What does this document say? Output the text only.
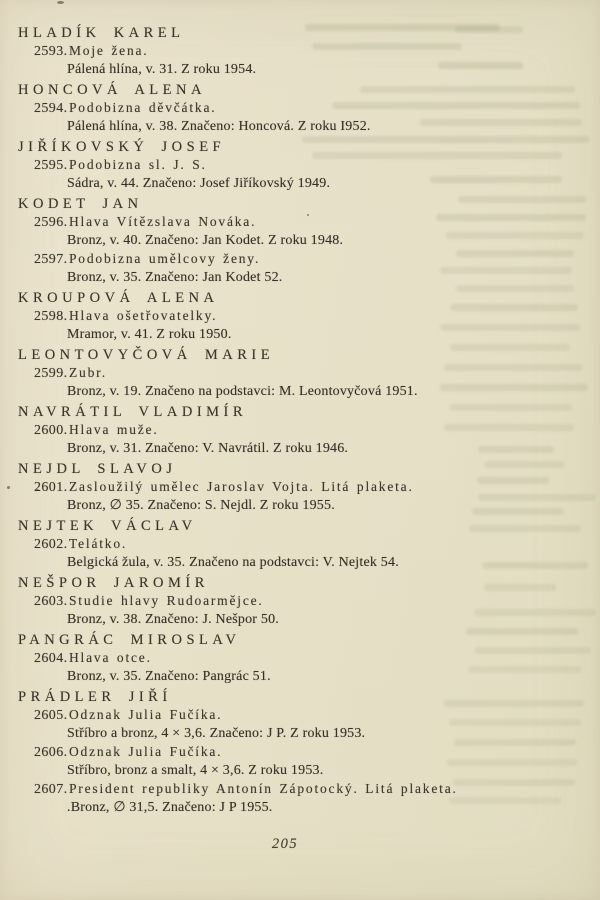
HLADÍK KAREL
2593. Moje žena.
Pálená hlína, v. 31. Z roku 1954.
HONCOVÁ ALENA
2594. Podobizna děvčátka.
Pálená hlína, v. 38. Značeno: Honcová. Z roku I952.
JIŘÍKOVSKÝ JOSEF
2595. Podobizna sl. J. S.
Sádra, v. 44. Značeno: Josef Jiříkovský 1949.
KODET JAN
2596. Hlava Vítězslava Nováka.
Bronz, v. 40. Značeno: Jan Kodet. Z roku 1948.
2597. Podobizna umělcovy ženy.
Bronz, v. 35. Značeno: Jan Kodet 52.
KROUPOVÁ ALENA
2598. Hlava ošetřovatelky.
Mramor, v. 41. Z roku 1950.
LEONTOVYČOVÁ MARIE
2599. Zubr.
Bronz, v. 19. Značeno na podstavci: M. Leontovyčová 1951.
NAVRÁTIL VLADIMÍR
2600. Hlava muže.
Bronz, v. 31. Značeno: V. Navrátil. Z roku 1946.
NEJDL SLAVOJ
2601. Zasloužilý umělec Jaroslav Vojta. Litá plaketa.
Bronz, ∅ 35. Značeno: S. Nejdl. Z roku 1955.
NEJTEK VÁCLAV
2602. Telátko.
Belgická žula, v. 35. Značeno na podstavci: V. Nejtek 54.
NEŠPOR JAROMÍR
2603. Studie hlavy Rudoarmějce.
Bronz, v. 38. Značeno: J. Nešpor 50.
PANGRÁC MIROSLAV
2604. Hlava otce.
Bronz, v. 35. Značeno: Pangrác 51.
PRÁDLER JIŘÍ
2605. Odznak Julia Fučíka.
Stříbro a bronz, 4 × 3,6. Značeno: J P. Z roku 1953.
2606. Odznak Julia Fučíka.
Stříbro, bronz a smalt, 4 × 3,6. Z roku 1953.
2607. President republiky Antonín Zápotocký. Litá plaketa.
.Bronz, ∅ 31,5. Značeno: J P 1955.
205
